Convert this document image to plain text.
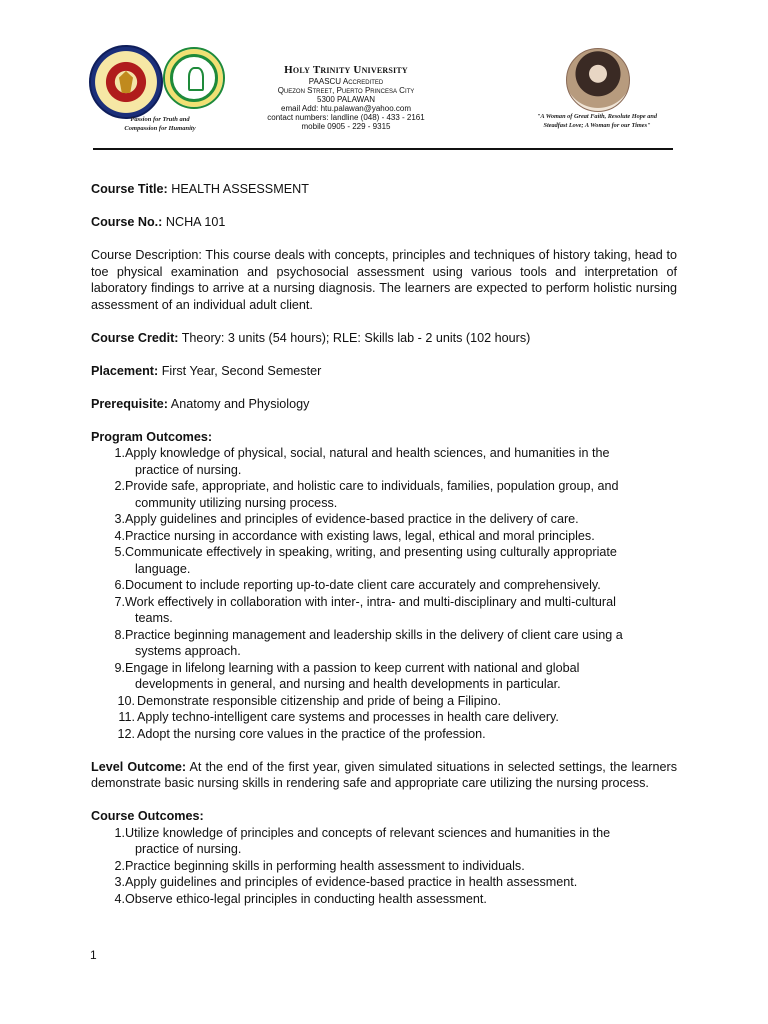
Passion for Truth and
Compassion for Humanity
Holy Trinity University
PAASCU Accredited
Quezon Street, Puerto Princesa City
5300 PALAWAN
email Add: htu.palawan@yahoo.com
contact numbers: landline (048) - 433 - 2161
mobile 0905 - 229 - 9315
"A Woman of Great Faith, Resolute Hope and
Steadfast Love; A Woman for our Times"

Course Title: HEALTH ASSESSMENT

Course No.: NCHA 101

Course Description: This course deals with concepts, principles and techniques of history taking, head to toe physical examination and psychosocial assessment using various tools and interpretation of laboratory findings to arrive at a nursing diagnosis. The learners are expected to perform holistic nursing assessment of an individual adult client.

Course Credit: Theory: 3 units (54 hours); RLE: Skills lab - 2 units (102 hours)

Placement: First Year, Second Semester

Prerequisite: Anatomy and Physiology

Program Outcomes:
1. Apply knowledge of physical, social, natural and health sciences, and humanities in the
practice of nursing.
2. Provide safe, appropriate, and holistic care to individuals, families, population group, and
community utilizing nursing process.
3. Apply guidelines and principles of evidence-based practice in the delivery of care.
4. Practice nursing in accordance with existing laws, legal, ethical and moral principles.
5. Communicate effectively in speaking, writing, and presenting using culturally appropriate
language.
6. Document to include reporting up-to-date client care accurately and comprehensively.
7. Work effectively in collaboration with inter-, intra- and multi-disciplinary and multi-cultural
teams.
8. Practice beginning management and leadership skills in the delivery of client care using a
systems approach.
9. Engage in lifelong learning with a passion to keep current with national and global
developments in general, and nursing and health developments in particular.
10. Demonstrate responsible citizenship and pride of being a Filipino.
11. Apply techno-intelligent care systems and processes in health care delivery.
12. Adopt the nursing core values in the practice of the profession.

Level Outcome: At the end of the first year, given simulated situations in selected settings, the learners demonstrate basic nursing skills in rendering safe and appropriate care utilizing the nursing process.

Course Outcomes:
1. Utilize knowledge of principles and concepts of relevant sciences and humanities in the
practice of nursing.
2. Practice beginning skills in performing health assessment to individuals.
3. Apply guidelines and principles of evidence-based practice in health assessment.
4. Observe ethico-legal principles in conducting health assessment.
1
